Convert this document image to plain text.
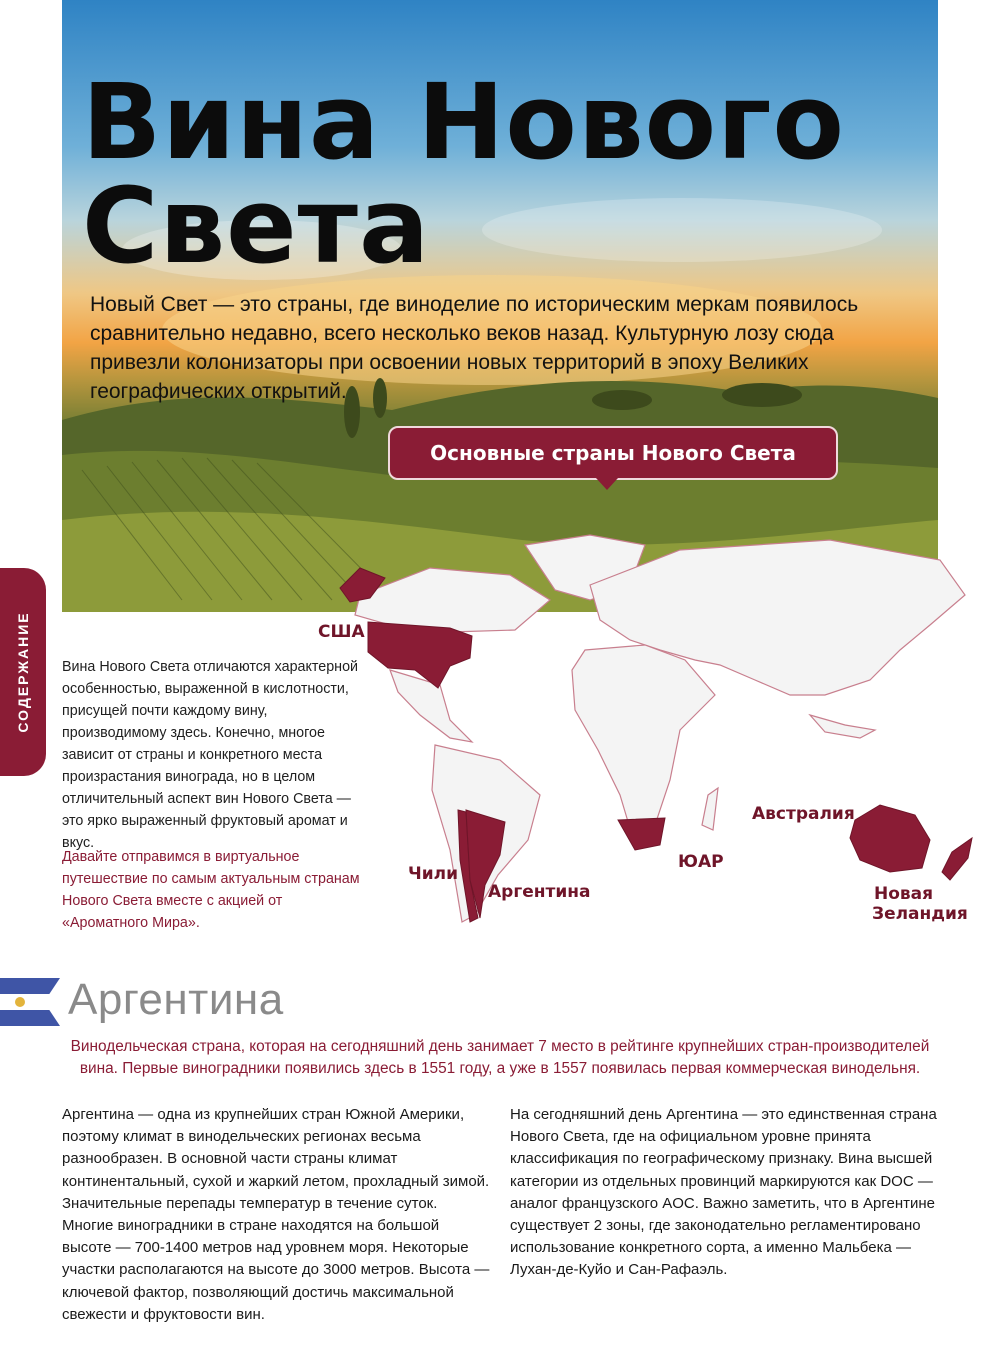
Вина Нового
Света

Новый Свет — это страны, где виноделие по историческим меркам появилось сравнительно недавно, всего несколько веков назад. Культурную лозу сюда привезли колонизаторы при освоении новых территорий в эпоху Великих географических открытий.

Основные страны Нового Света
СОДЕРЖАНИЕ	США

Чили

Аргентина

ЮАР

Австралия

Новая

Зеландия

Вина Нового Света отличаются характерной особенностью, выраженной в кислотности, присущей почти каждому вину, производимому здесь. Конечно, многое зависит от страны и конкретного места произрастания винограда, но в целом отличительный аспект вин Нового Света — это ярко выраженный фруктовый аромат и вкус.

Давайте отправимся в виртуальное путешествие по самым актуальным странам Нового Света вместе с акцией от «Ароматного Мира».

Аргентина

Винодельческая страна, которая на сегодняшний день занимает 7 место в рейтинге крупнейших стран-производителей вина. Первые виноградники появились здесь в 1551 году, а уже в 1557 появилась первая коммерческая винодельня.

Аргентина — одна из крупнейших стран Южной Америки, поэтому климат в винодельческих регионах весьма разнообразен. В основной части страны климат континентальный, сухой и жаркий летом, прохладный зимой. Значительные перепады температур в течение суток. Многие виноградники в стране находятся на большой высоте — 700-1400 метров над уровнем моря. Некоторые участки располагаются на высоте до 3000 метров. Высота — ключевой фактор, позволяющий достичь максимальной свежести и фруктовости вин.

На сегодняшний день Аргентина — это единственная страна Нового Света, где на официальном уровне принята классификация по географическому признаку. Вина высшей категории из отдельных провинций маркируются как DOC — аналог французского AOC. Важно заметить, что в Аргентине существует 2 зоны, где законодательно регламентировано использование конкретного сорта, а именно Мальбека — Лухан-де-Куйо и Сан-Рафаэль.
